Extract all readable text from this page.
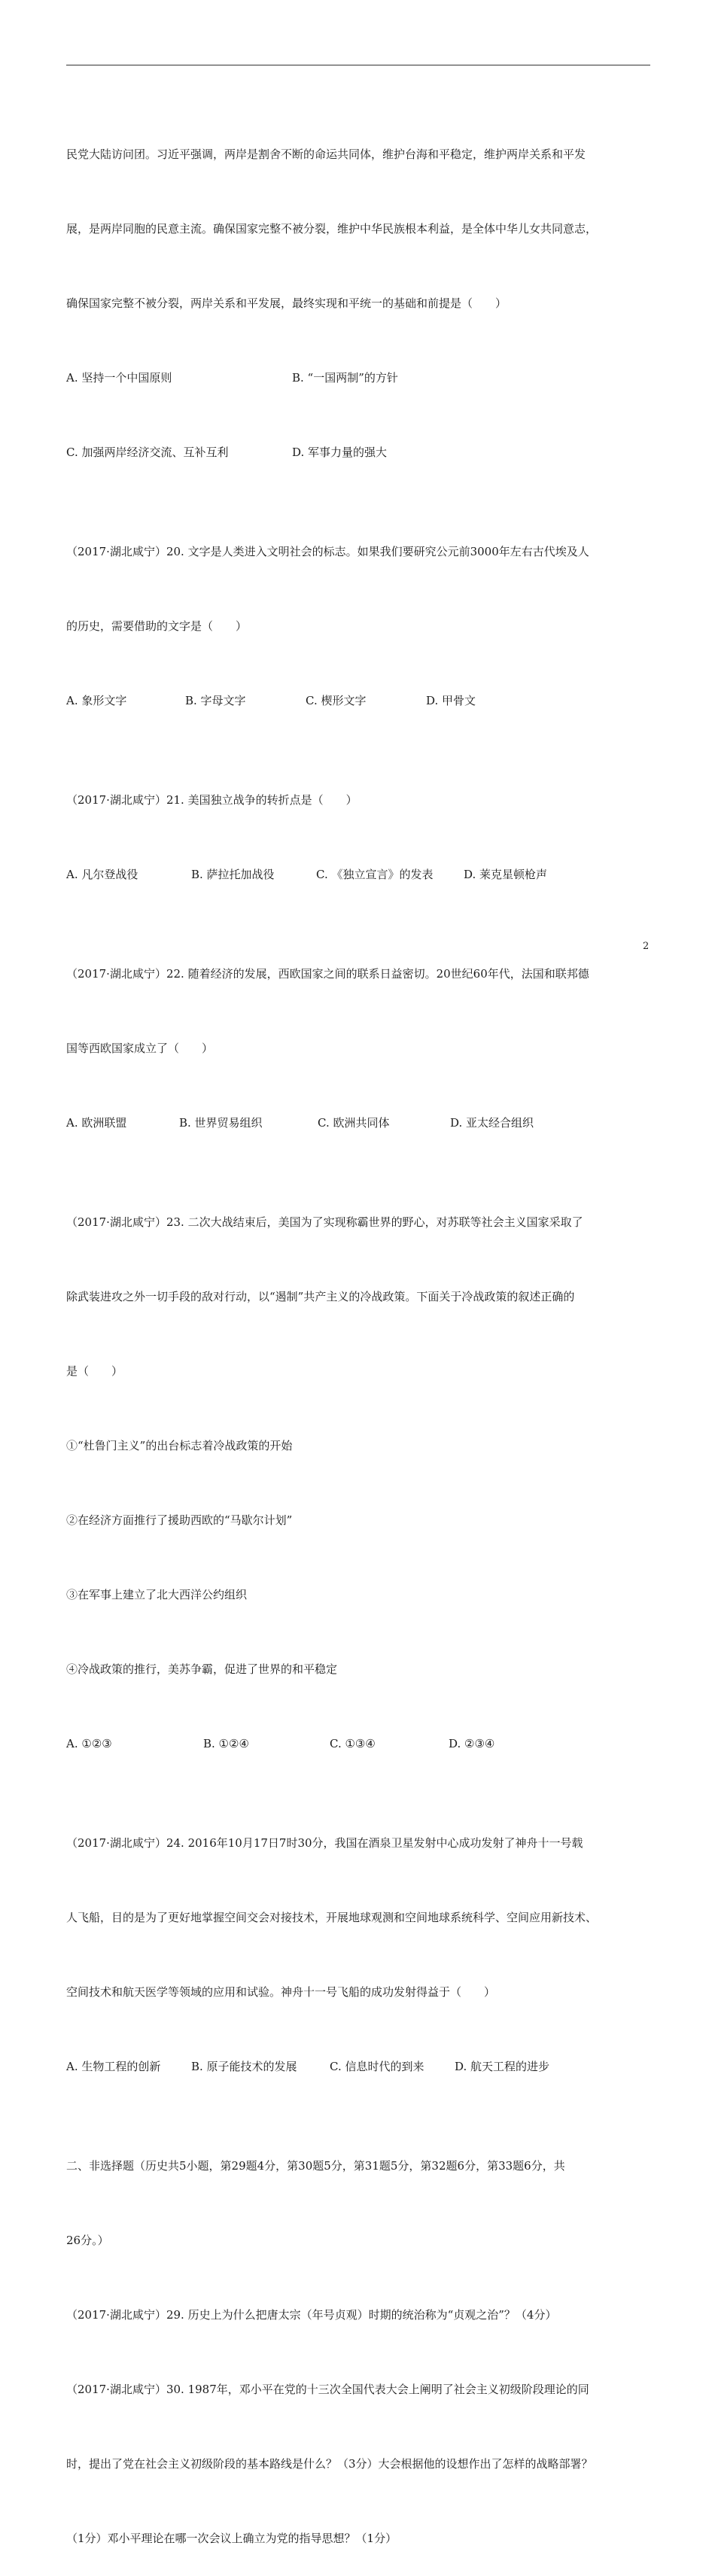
民党大陆访问团。习近平强调，两岸是割舍不断的命运共同体，维护台海和平稳定，维护两岸关系和平发

展，是两岸同胞的民意主流。确保国家完整不被分裂，维护中华民族根本利益，是全体中华儿女共同意志，

确保国家完整不被分裂，两岸关系和平发展，最终实现和平统一的基础和前提是（　　）

A. 坚持一个中国原则	B. “一国两制”的方针

C. 加强两岸经济交流、互补互利	D. 军事力量的强大

（2017·湖北咸宁）20. 文字是人类进入文明社会的标志。如果我们要研究公元前3000年左右古代埃及人

的历史，需要借助的文字是（　　）

A. 象形文字	B. 字母文字	C. 楔形文字	D. 甲骨文

（2017·湖北咸宁）21. 美国独立战争的转折点是（　　）

A. 凡尔登战役	B. 萨拉托加战役	C. 《独立宣言》的发表	D. 莱克星顿枪声

（2017·湖北咸宁）22. 随着经济的发展，西欧国家之间的联系日益密切。20世纪60年代，法国和联邦德

国等西欧国家成立了（　　）

A. 欧洲联盟	B. 世界贸易组织	C. 欧洲共同体	D. 亚太经合组织

（2017·湖北咸宁）23. 二次大战结束后，美国为了实现称霸世界的野心，对苏联等社会主义国家采取了

除武装进攻之外一切手段的敌对行动，以“遏制”共产主义的冷战政策。下面关于冷战政策的叙述正确的

是（　　）

①“杜鲁门主义”的出台标志着冷战政策的开始

②在经济方面推行了援助西欧的“马歇尔计划”

③在军事上建立了北大西洋公约组织

④冷战政策的推行，美苏争霸，促进了世界的和平稳定

A. ①②③	B. ①②④	C. ①③④	D. ②③④

（2017·湖北咸宁）24. 2016年10月17日7时30分，我国在酒泉卫星发射中心成功发射了神舟十一号载

人飞船，目的是为了更好地掌握空间交会对接技术，开展地球观测和空间地球系统科学、空间应用新技术、

空间技术和航天医学等领域的应用和试验。神舟十一号飞船的成功发射得益于（　　）

A. 生物工程的创新	B. 原子能技术的发展	C. 信息时代的到来	D. 航天工程的进步

二、非选择题（历史共5小题，第29题4分，第30题5分，第31题5分，第32题6分，第33题6分，共

26分。）

（2017·湖北咸宁）29. 历史上为什么把唐太宗（年号贞观）时期的统治称为“贞观之治”？（4分）

（2017·湖北咸宁）30. 1987年，邓小平在党的十三次全国代表大会上阐明了社会主义初级阶段理论的同

时，提出了党在社会主义初级阶段的基本路线是什么？（3分）大会根据他的设想作出了怎样的战略部署？

（1分）邓小平理论在哪一次会议上确立为党的指导思想？（1分）

2
